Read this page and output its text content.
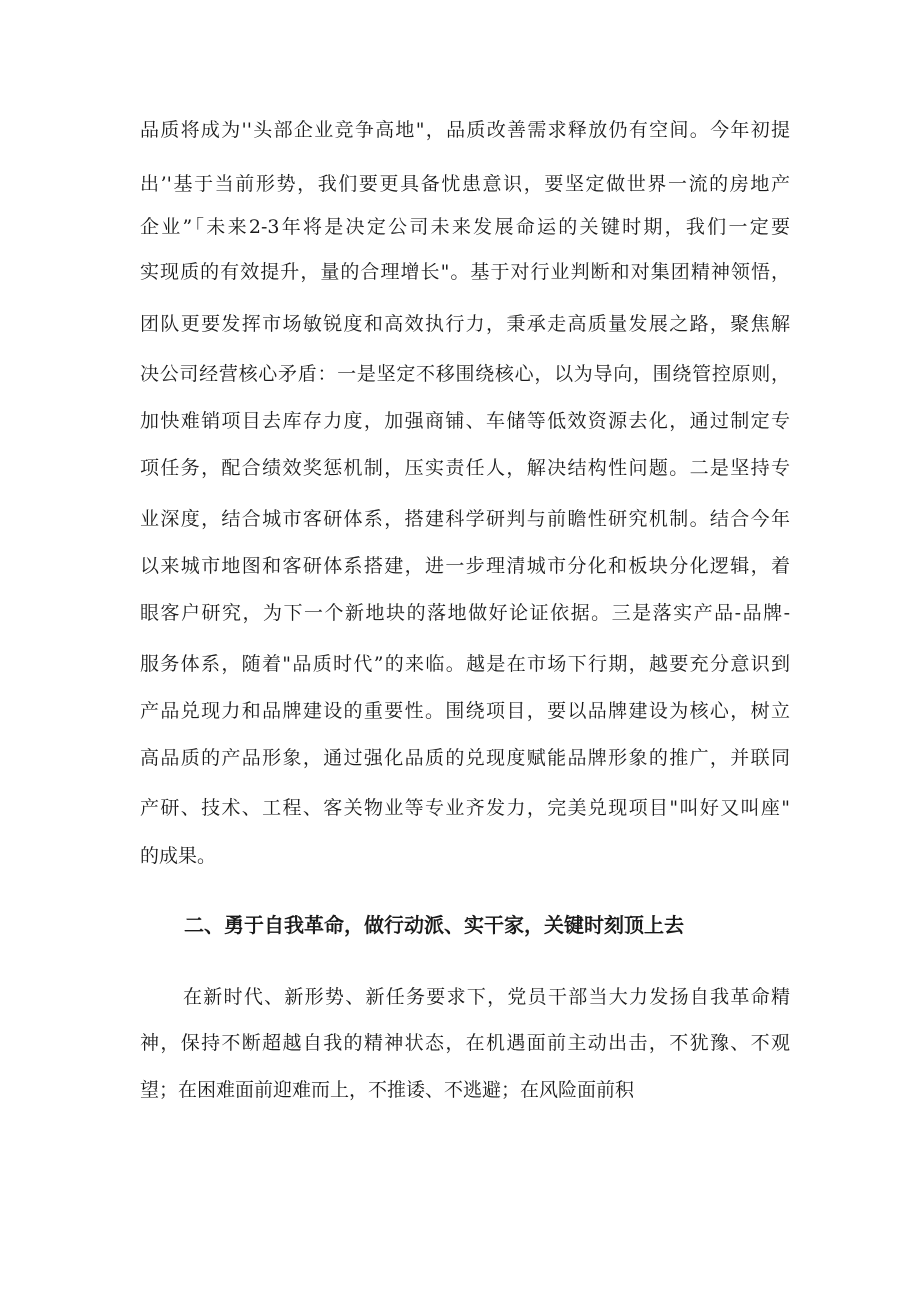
品质将成为''头部企业竞争高地"，品质改善需求释放仍有空间。今年初提
出’'基于当前形势，我们要更具备忧患意识，要坚定做世界一流的房地产
企业”「未来2-3年将是决定公司未来发展命运的关键时期，我们一定要
实现质的有效提升，量的合理增长"。基于对行业判断和对集团精神领悟，
团队更要发挥市场敏锐度和高效执行力，秉承走高质量发展之路，聚焦解
决公司经营核心矛盾：一是坚定不移围绕核心，以为导向，围绕管控原则，
加快难销项目去库存力度，加强商铺、车储等低效资源去化，通过制定专
项任务，配合绩效奖惩机制，压实责任人，解决结构性问题。二是坚持专
业深度，结合城市客研体系，搭建科学研判与前瞻性研究机制。结合今年
以来城市地图和客研体系搭建，进一步理清城市分化和板块分化逻辑，着
眼客户研究，为下一个新地块的落地做好论证依据。三是落实产品-品牌-
服务体系，随着"品质时代”的来临。越是在市场下行期，越要充分意识到
产品兑现力和品牌建设的重要性。围绕项目，要以品牌建设为核心，树立
高品质的产品形象，通过强化品质的兑现度赋能品牌形象的推广，并联同
产研、技术、工程、客关物业等专业齐发力，完美兑现项目"叫好又叫座"
的成果。
二、勇于自我革命，做行动派、实干家，关键时刻顶上去
在新时代、新形势、新任务要求下，党员干部当大力发扬自我革命精
神，保持不断超越自我的精神状态，在机遇面前主动出击，不犹豫、不观
望；在困难面前迎难而上，不推诿、不逃避；在风险面前积
